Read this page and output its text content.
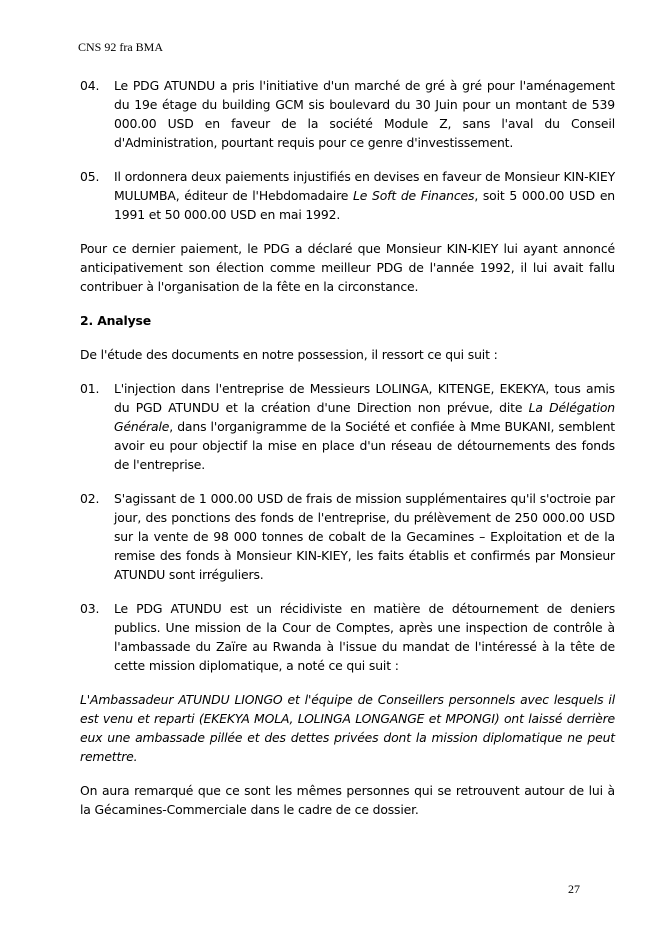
CNS 92 fra BMA

04. Le PDG ATUNDU a pris l'initiative d'un marché de gré à gré pour l'aménagement du 19e étage du building GCM sis boulevard du 30 Juin pour un montant de 539 000.00 USD en faveur de la société Module Z, sans l'aval du Conseil d'Administration, pourtant requis pour ce genre d'investissement.

05. Il ordonnera deux paiements injustifiés en devises en faveur de Monsieur KIN-KIEY MULUMBA, éditeur de l'Hebdomadaire Le Soft de Finances, soit 5 000.00 USD en 1991 et 50 000.00 USD en mai 1992.

Pour ce dernier paiement, le PDG a déclaré que Monsieur KIN-KIEY lui ayant annoncé anticipativement son élection comme meilleur PDG de l'année 1992, il lui avait fallu contribuer à l'organisation de la fête en la circonstance.

2. Analyse

De l'étude des documents en notre possession, il ressort ce qui suit :

01. L'injection dans l'entreprise de Messieurs LOLINGA, KITENGE, EKEKYA, tous amis du PGD ATUNDU et la création d'une Direction non prévue, dite La Délégation Générale, dans l'organigramme de la Société et confiée à Mme BUKANI, semblent avoir eu pour objectif la mise en place d'un réseau de détournements des fonds de l'entreprise.

02. S'agissant de 1 000.00 USD de frais de mission supplémentaires qu'il s'octroie par jour, des ponctions des fonds de l'entreprise, du prélèvement de 250 000.00 USD sur la vente de 98 000 tonnes de cobalt de la Gecamines – Exploitation et de la remise des fonds à Monsieur KIN-KIEY, les faits établis et confirmés par Monsieur ATUNDU sont irréguliers.

03. Le PDG ATUNDU est un récidiviste en matière de détournement de deniers publics. Une mission de la Cour de Comptes, après une inspection de contrôle à l'ambassade du Zaïre au Rwanda à l'issue du mandat de l'intéressé à la tête de cette mission diplomatique, a noté ce qui suit :

L'Ambassadeur ATUNDU LIONGO et l'équipe de Conseillers personnels avec lesquels il est venu et reparti (EKEKYA MOLA, LOLINGA LONGANGE et MPONGI) ont laissé derrière eux une ambassade pillée et des dettes privées dont la mission diplomatique ne peut remettre.

On aura remarqué que ce sont les mêmes personnes qui se retrouvent autour de lui à la Gécamines-Commerciale dans le cadre de ce dossier.

27
